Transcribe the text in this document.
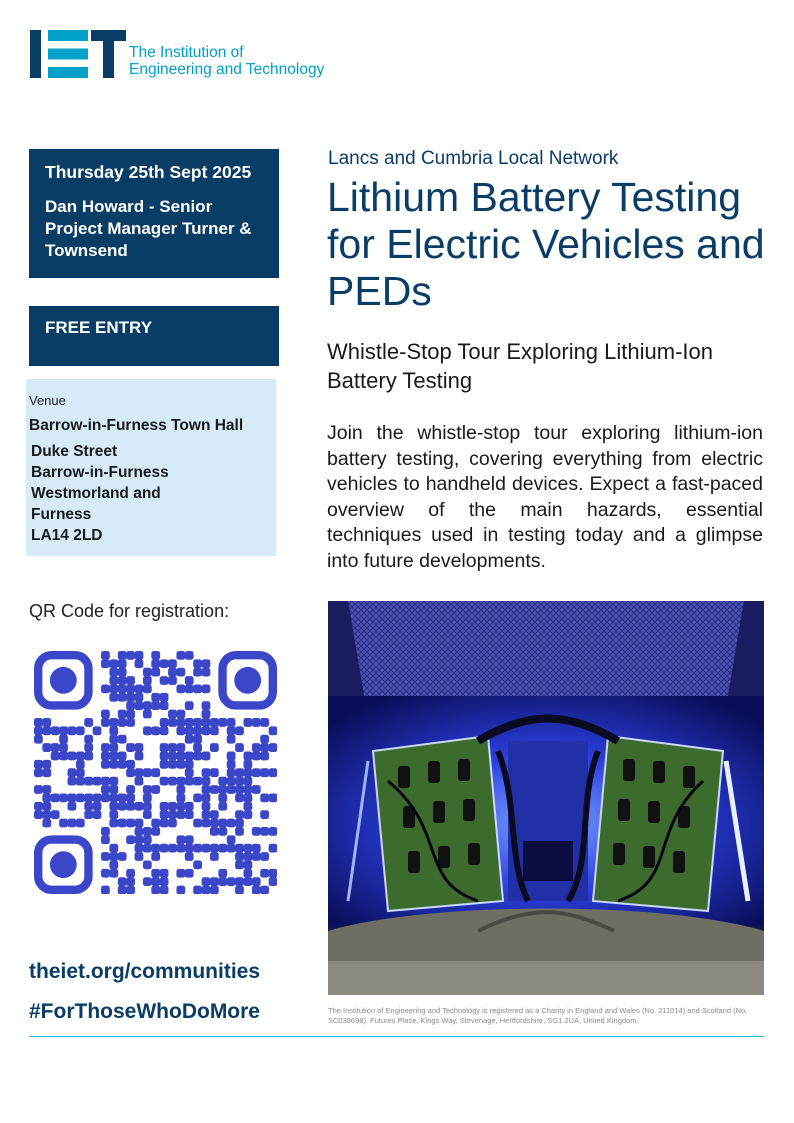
The Institution of
Engineering and Technology
Thursday 25th Sept 2025
Dan Howard - Senior Project Manager Turner & Townsend
FREE ENTRY
Venue
Barrow-in-Furness Town Hall
Duke Street
Barrow-in-Furness
Westmorland and
Furness
LA14 2LD
QR Code for registration:
theiet.org/communities
#ForThoseWhoDoMore
Lancs and Cumbria Local Network
Lithium Battery Testing for Electric Vehicles and PEDs
Whistle-Stop Tour Exploring Lithium-Ion Battery Testing
Join the whistle-stop tour exploring lithium-ion battery testing, covering everything from electric vehicles to handheld devices. Expect a fast-paced overview of the main hazards, essential techniques used in testing today and a glimpse into future developments.
The Institution of Engineering and Technology is registered as a Charity in England and Wales (No. 211014) and Scotland (No. SC038698). Futures Place, Kings Way, Stevenage, Hertfordshire, SG1 2UA, United Kingdom.
